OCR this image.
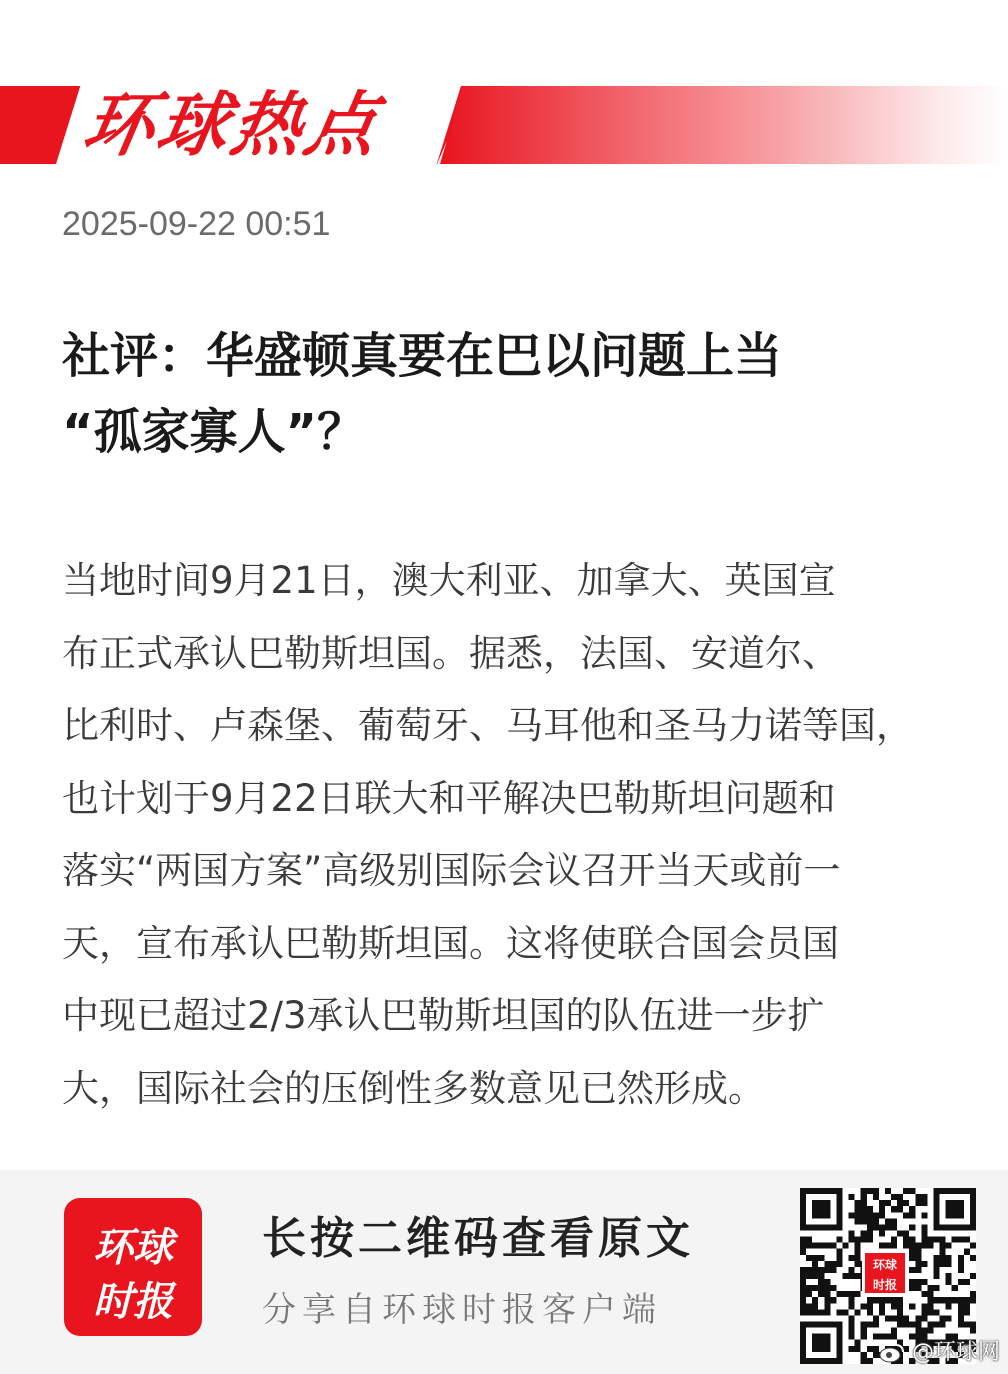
环球热点
2025-09-22 00:51
社评：华盛顿真要在巴以问题上当
“孤家寡人”？
当地时间9月21日，澳大利亚、加拿大、英国宣
布正式承认巴勒斯坦国。据悉，法国、安道尔、
比利时、卢森堡、葡萄牙、马耳他和圣马力诺等国，
也计划于9月22日联大和平解决巴勒斯坦问题和
落实“两国方案”高级别国际会议召开当天或前一
天，宣布承认巴勒斯坦国。这将使联合国会员国
中现已超过2/3承认巴勒斯坦国的队伍进一步扩
大，国际社会的压倒性多数意见已然形成。
环球
时报
长按二维码查看原文
分享自环球时报客户端
环球
时报
@环球网
